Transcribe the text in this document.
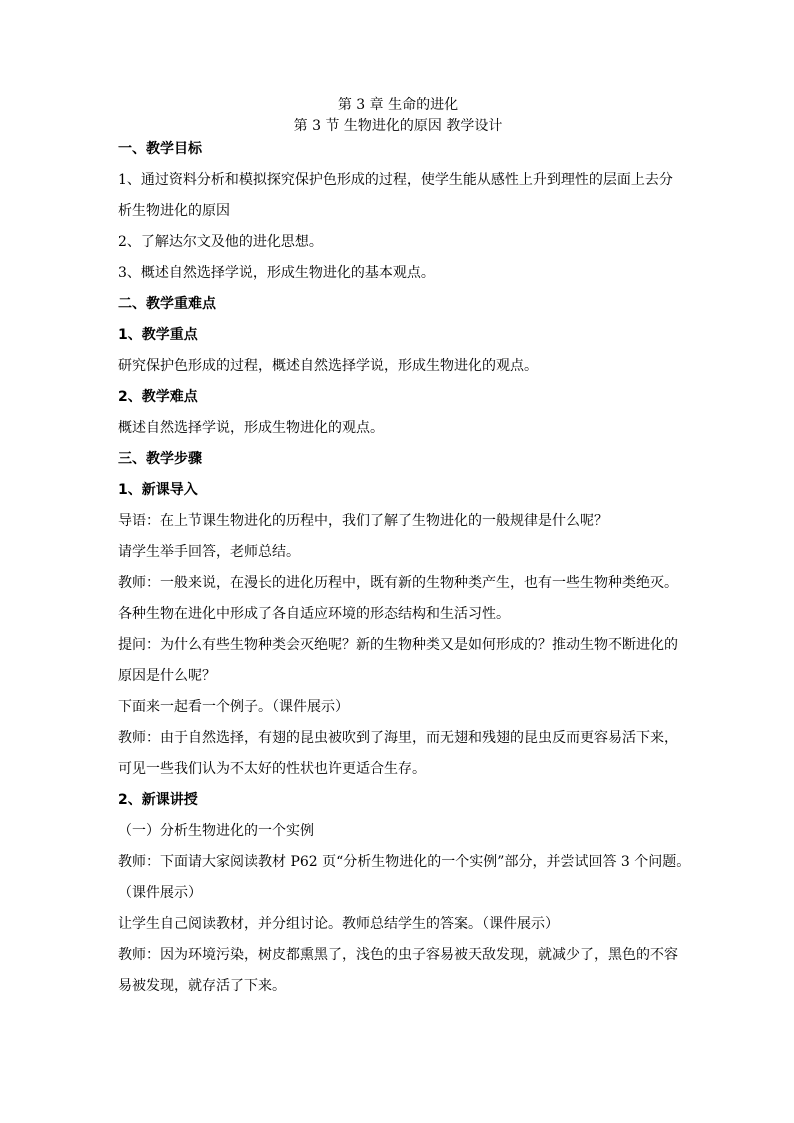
第 3 章 生命的进化
第 3 节 生物进化的原因 教学设计
一、教学目标
1、通过资料分析和模拟探究保护色形成的过程，使学生能从感性上升到理性的层面上去分
析生物进化的原因
2、了解达尔文及他的进化思想。
3、概述自然选择学说，形成生物进化的基本观点。
二、教学重难点
1、教学重点
研究保护色形成的过程，概述自然选择学说，形成生物进化的观点。
2、教学难点
概述自然选择学说，形成生物进化的观点。
三、教学步骤
1、新课导入
导语：在上节课生物进化的历程中，我们了解了生物进化的一般规律是什么呢？
请学生举手回答，老师总结。
教师：一般来说，在漫长的进化历程中，既有新的生物种类产生，也有一些生物种类绝灭。
各种生物在进化中形成了各自适应环境的形态结构和生活习性。
提问：为什么有些生物种类会灭绝呢？新的生物种类又是如何形成的？推动生物不断进化的
原因是什么呢？
下面来一起看一个例子。（课件展示）
教师：由于自然选择，有翅的昆虫被吹到了海里，而无翅和残翅的昆虫反而更容易活下来，
可见一些我们认为不太好的性状也许更适合生存。
2、新课讲授
（一）分析生物进化的一个实例
教师：下面请大家阅读教材 P62 页“分析生物进化的一个实例”部分，并尝试回答 3 个问题。
（课件展示）
让学生自己阅读教材，并分组讨论。教师总结学生的答案。（课件展示）
教师：因为环境污染，树皮都熏黑了，浅色的虫子容易被天敌发现，就减少了，黑色的不容
易被发现，就存活了下来。
